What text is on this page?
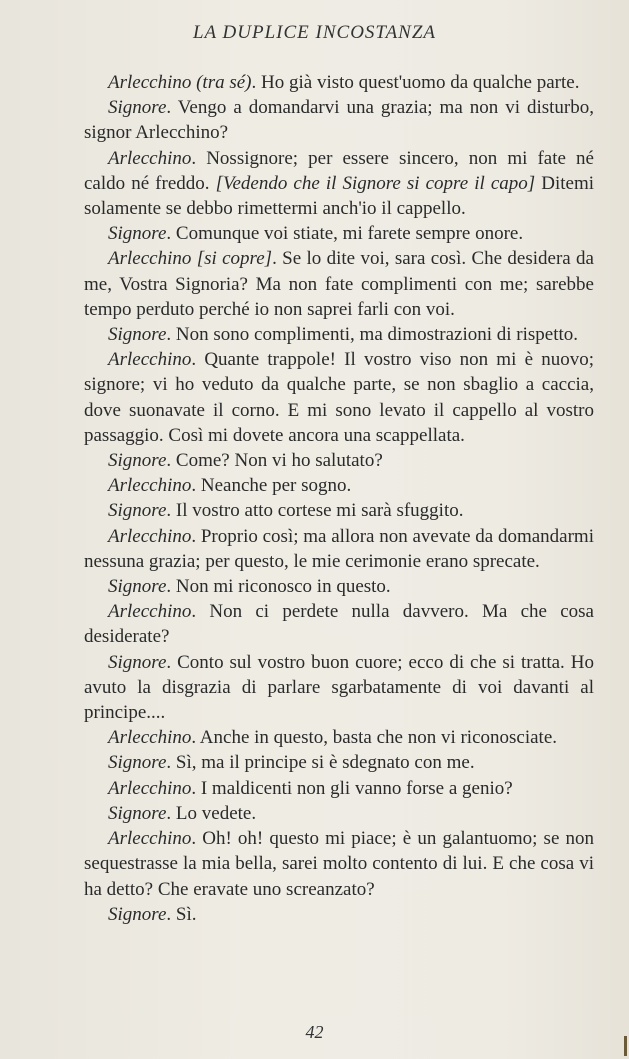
LA DUPLICE INCOSTANZA

Arlecchino (tra sé). Ho già visto quest'uomo da qualche parte.

Signore. Vengo a domandarvi una grazia; ma non vi disturbo, signor Arlecchino?

Arlecchino. Nossignore; per essere sincero, non mi fate né caldo né freddo. [Vedendo che il Signore si copre il capo] Ditemi solamente se debbo rimettermi anch'io il cappello.

Signore. Comunque voi stiate, mi farete sempre onore.

Arlecchino [si copre]. Se lo dite voi, sara così. Che desidera da me, Vostra Signoria? Ma non fate complimenti con me; sarebbe tempo perduto perché io non saprei farli con voi.

Signore. Non sono complimenti, ma dimostrazioni di rispetto.

Arlecchino. Quante trappole! Il vostro viso non mi è nuovo; signore; vi ho veduto da qualche parte, se non sbaglio a caccia, dove suonavate il corno. E mi sono levato il cappello al vostro passaggio. Così mi dovete ancora una scappellata.

Signore. Come? Non vi ho salutato?

Arlecchino. Neanche per sogno.

Signore. Il vostro atto cortese mi sarà sfuggito.

Arlecchino. Proprio così; ma allora non avevate da domandarmi nessuna grazia; per questo, le mie cerimonie erano sprecate.

Signore. Non mi riconosco in questo.

Arlecchino. Non ci perdete nulla davvero. Ma che cosa desiderate?

Signore. Conto sul vostro buon cuore; ecco di che si tratta. Ho avuto la disgrazia di parlare sgarbatamente di voi davanti al principe....

Arlecchino. Anche in questo, basta che non vi riconosciate.

Signore. Sì, ma il principe si è sdegnato con me.

Arlecchino. I maldicenti non gli vanno forse a genio?

Signore. Lo vedete.

Arlecchino. Oh! oh! questo mi piace; è un galantuomo; se non sequestrasse la mia bella, sarei molto contento di lui. E che cosa vi ha detto? Che eravate uno screanzato?

Signore. Sì.

42
